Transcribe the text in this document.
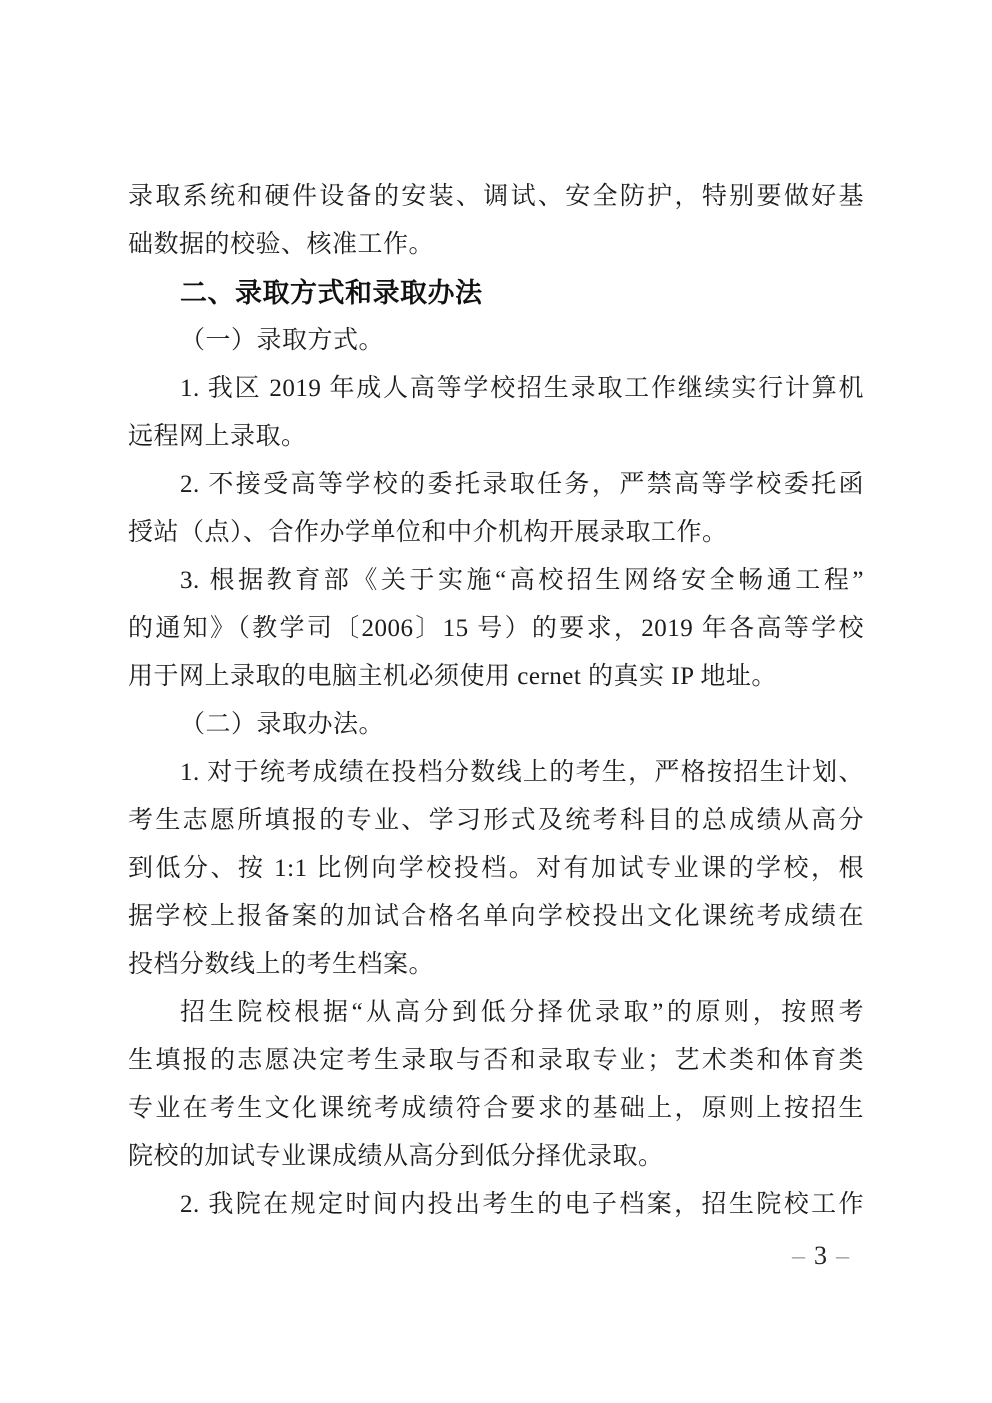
录取系统和硬件设备的安装、调试、安全防护，特别要做好基
础数据的校验、核准工作。
二、录取方式和录取办法
（一）录取方式。
1. 我区 2019 年成人高等学校招生录取工作继续实行计算机
远程网上录取。
2. 不接受高等学校的委托录取任务，严禁高等学校委托函
授站（点）、合作办学单位和中介机构开展录取工作。
3. 根据教育部《关于实施“高校招生网络安全畅通工程”
的通知》（教学司〔2006〕15 号）的要求，2019 年各高等学校
用于网上录取的电脑主机必须使用 cernet 的真实 IP 地址。
（二）录取办法。
1. 对于统考成绩在投档分数线上的考生，严格按招生计划、
考生志愿所填报的专业、学习形式及统考科目的总成绩从高分
到低分、按 1:1 比例向学校投档。对有加试专业课的学校，根
据学校上报备案的加试合格名单向学校投出文化课统考成绩在
投档分数线上的考生档案。
招生院校根据“从高分到低分择优录取”的原则，按照考
生填报的志愿决定考生录取与否和录取专业；艺术类和体育类
专业在考生文化课统考成绩符合要求的基础上，原则上按招生
院校的加试专业课成绩从高分到低分择优录取。
2. 我院在规定时间内投出考生的电子档案，招生院校工作
– 3 –
